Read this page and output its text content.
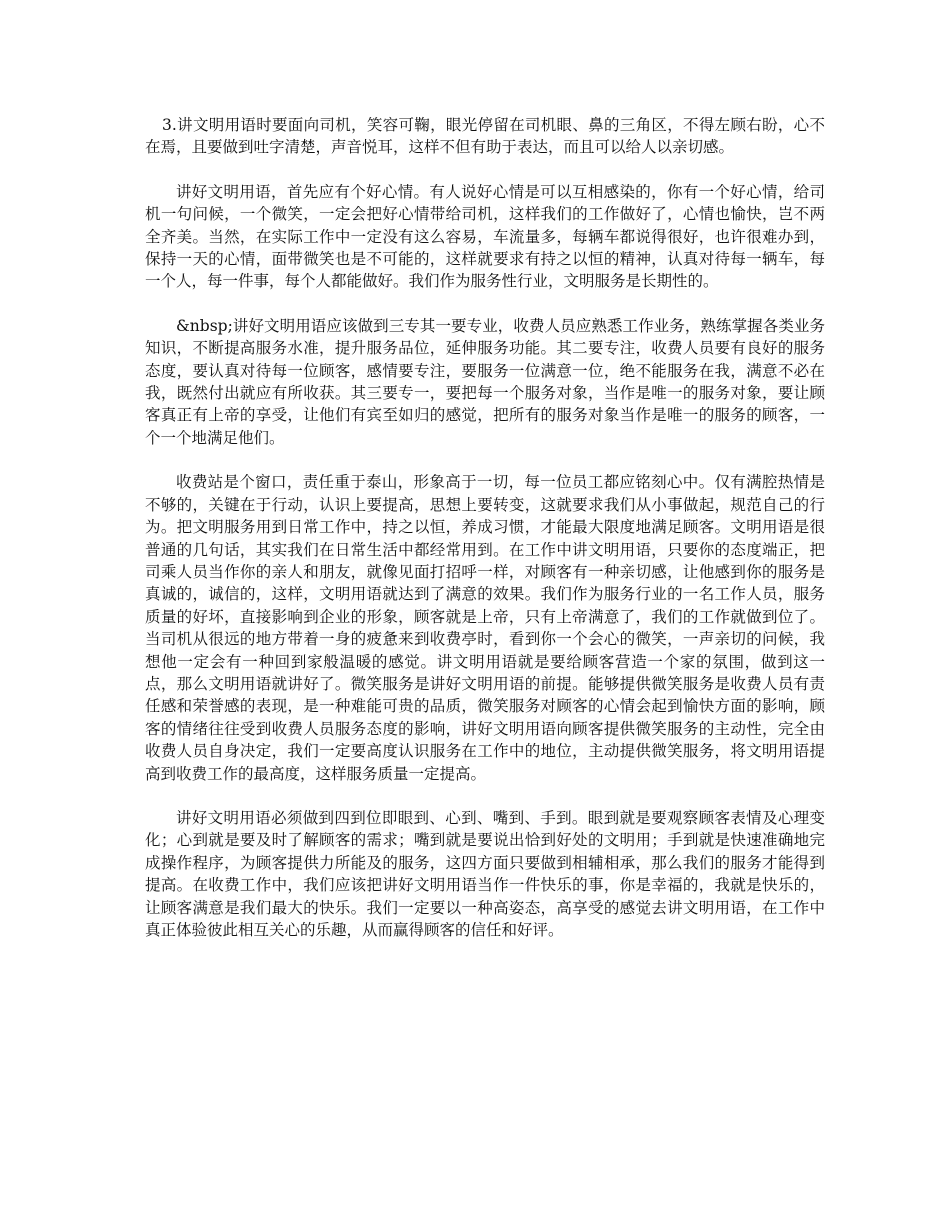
3.讲文明用语时要面向司机，笑容可鞠，眼光停留在司机眼、鼻的三角区，不得左顾右盼，心不在焉，且要做到吐字清楚，声音悦耳，这样不但有助于表达，而且可以给人以亲切感。

讲好文明用语，首先应有个好心情。有人说好心情是可以互相感染的，你有一个好心情，给司机一句问候，一个微笑，一定会把好心情带给司机，这样我们的工作做好了，心情也愉快，岂不两全齐美。当然，在实际工作中一定没有这么容易，车流量多，每辆车都说得很好，也许很难办到，保持一天的心情，面带微笑也是不可能的，这样就要求有持之以恒的精神，认真对待每一辆车，每一个人，每一件事，每个人都能做好。我们作为服务性行业，文明服务是长期性的。

&nbsp;讲好文明用语应该做到三专其一要专业，收费人员应熟悉工作业务，熟练掌握各类业务知识，不断提高服务水准，提升服务品位，延伸服务功能。其二要专注，收费人员要有良好的服务态度，要认真对待每一位顾客，感情要专注，要服务一位满意一位，绝不能服务在我，满意不必在我，既然付出就应有所收获。其三要专一，要把每一个服务对象，当作是唯一的服务对象，要让顾客真正有上帝的享受，让他们有宾至如归的感觉，把所有的服务对象当作是唯一的服务的顾客，一个一个地满足他们。

收费站是个窗口，责任重于泰山，形象高于一切，每一位员工都应铭刻心中。仅有满腔热情是不够的，关键在于行动，认识上要提高，思想上要转变，这就要求我们从小事做起，规范自己的行为。把文明服务用到日常工作中，持之以恒，养成习惯，才能最大限度地满足顾客。文明用语是很普通的几句话，其实我们在日常生活中都经常用到。在工作中讲文明用语，只要你的态度端正，把司乘人员当作你的亲人和朋友，就像见面打招呼一样，对顾客有一种亲切感，让他感到你的服务是真诚的，诚信的，这样，文明用语就达到了满意的效果。我们作为服务行业的一名工作人员，服务质量的好坏，直接影响到企业的形象，顾客就是上帝，只有上帝满意了，我们的工作就做到位了。当司机从很远的地方带着一身的疲惫来到收费亭时，看到你一个会心的微笑，一声亲切的问候，我想他一定会有一种回到家般温暖的感觉。讲文明用语就是要给顾客营造一个家的氛围，做到这一点，那么文明用语就讲好了。微笑服务是讲好文明用语的前提。能够提供微笑服务是收费人员有责任感和荣誉感的表现，是一种难能可贵的品质，微笑服务对顾客的心情会起到愉快方面的影响，顾客的情绪往往受到收费人员服务态度的影响，讲好文明用语向顾客提供微笑服务的主动性，完全由收费人员自身决定，我们一定要高度认识服务在工作中的地位，主动提供微笑服务，将文明用语提高到收费工作的最高度，这样服务质量一定提高。

讲好文明用语必须做到四到位即眼到、心到、嘴到、手到。眼到就是要观察顾客表情及心理变化；心到就是要及时了解顾客的需求；嘴到就是要说出恰到好处的文明用；手到就是快速准确地完成操作程序，为顾客提供力所能及的服务，这四方面只要做到相辅相承，那么我们的服务才能得到提高。在收费工作中，我们应该把讲好文明用语当作一件快乐的事，你是幸福的，我就是快乐的，让顾客满意是我们最大的快乐。我们一定要以一种高姿态，高享受的感觉去讲文明用语，在工作中真正体验彼此相互关心的乐趣，从而赢得顾客的信任和好评。
